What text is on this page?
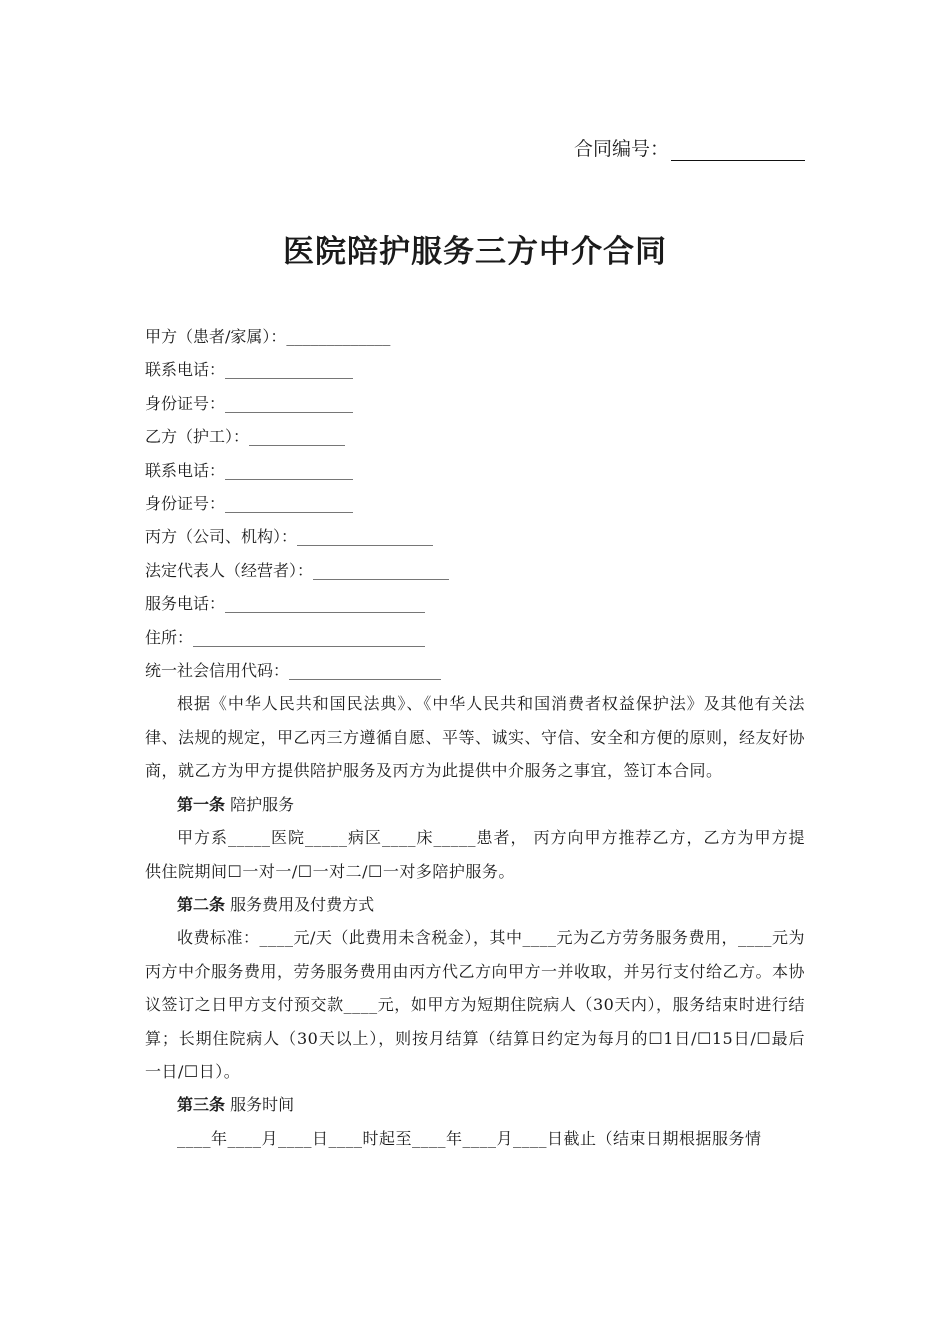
合同编号：
医院陪护服务三方中介合同
甲方（患者/家属）：_____________
联系电话：________________
身份证号：________________
乙方（护工）：____________
联系电话：________________
身份证号：________________
丙方（公司、机构）：_________________
法定代表人（经营者）：_________________
服务电话：_________________________
住所：_____________________________
统一社会信用代码：___________________
根据《中华人民共和国民法典》、《中华人民共和国消费者权益保护法》及其他有关法律、法规的规定，甲乙丙三方遵循自愿、平等、诚实、守信、安全和方便的原则，经友好协商，就乙方为甲方提供陪护服务及丙方为此提供中介服务之事宜，签订本合同。
第一条 陪护服务
甲方系_____医院_____病区____床_____患者， 丙方向甲方推荐乙方，乙方为甲方提供住院期间☐一对一/☐一对二/☐一对多陪护服务。
第二条 服务费用及付费方式
收费标准：____元/天（此费用未含税金），其中____元为乙方劳务服务费用，____元为丙方中介服务费用，劳务服务费用由丙方代乙方向甲方一并收取，并另行支付给乙方。本协议签订之日甲方支付预交款____元，如甲方为短期住院病人（30天内），服务结束时进行结算；长期住院病人（30天以上），则按月结算（结算日约定为每月的☐1日/☐15日/☐最后一日/☐日）。
第三条 服务时间
____年____月____日____时起至____年____月____日截止（结束日期根据服务情
